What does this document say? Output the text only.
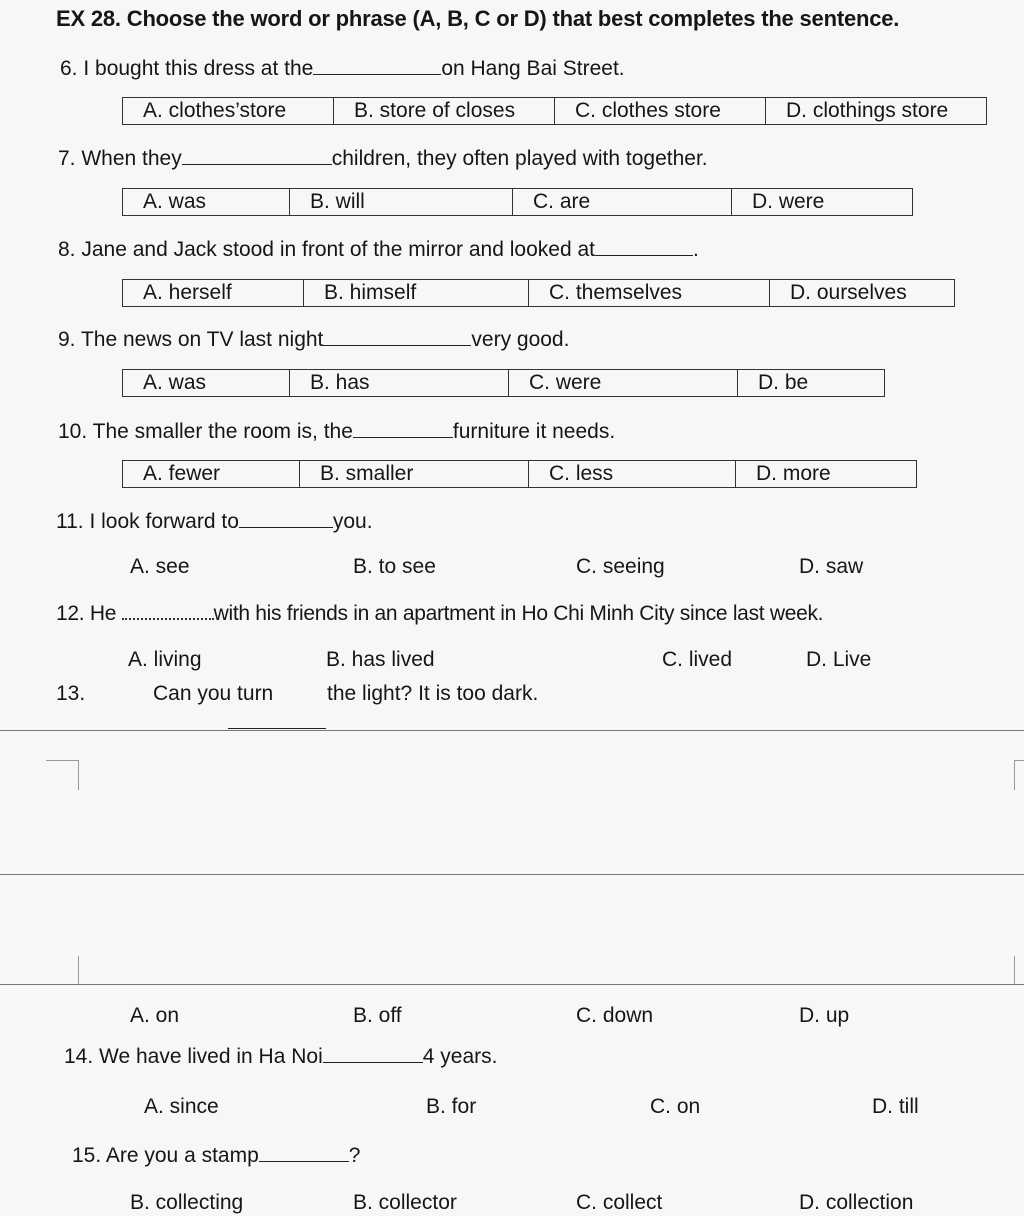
EX 28. Choose the word or phrase (A, B, C or D) that best completes the sentence.
6. I bought this dress at the	on Hang Bai Street.
A. clothes’store	B. store of closes	C. clothes store	D. clothings store
7. When they	children, they often played with together.
A. was	B. will	C. are	D. were
8. Jane and Jack stood in front of the mirror and looked at	.
A. herself	B. himself	C. themselves	D. ourselves
9. The news on TV last night	very good.
A. was	B. has	C. were	D. be
10. The smaller the room is, the	furniture it needs.
A. fewer	B. smaller	C. less	D. more
11. I look forward to	you.
A. see	B. to see	C. seeing	D. saw
12. He	with his friends in an apartment in Ho Chi Minh City since last week.
A. living	B. has lived	C. lived	D. Live
13.	Can you turn	the light? It is too dark.
A. on	B. off	C. down	D. up
14. We have lived in Ha Noi	4 years.
A. since	B. for	C. on	D. till
15. Are you a stamp	?
B. collecting	B. collector	C. collect	D. collection
